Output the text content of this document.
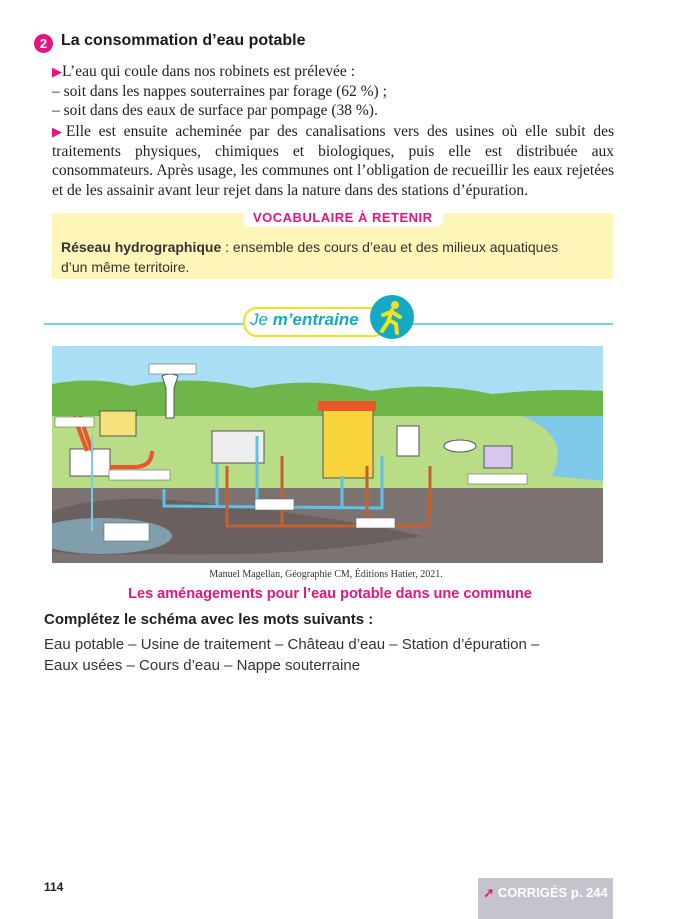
2 La consommation d’eau potable
▶L’eau qui coule dans nos robinets est prélevée :
– soit dans les nappes souterraines par forage (62 %) ;
– soit dans des eaux de surface par pompage (38 %).
▶Elle est ensuite acheminée par des canalisations vers des usines où elle subit des traitements physiques, chimiques et biologiques, puis elle est distribuée aux consommateurs. Après usage, les communes ont l’obligation de recueillir les eaux rejetées et de les assainir avant leur rejet dans la nature dans des stations d’épuration.
VOCABULAIRE À RETENIR
Réseau hydrographique : ensemble des cours d’eau et des milieux aquatiques d’un même territoire.
Je m’entraine
Manuel Magellan, Géographie CM, Éditions Hatier, 2021.
Les aménagements pour l’eau potable dans une commune
Complétez le schéma avec les mots suivants :
Eau potable – Usine de traitement – Château d’eau – Station d’épuration – Eaux usées – Cours d’eau – Nappe souterraine
114	➚ CORRIGÉS p. 244
